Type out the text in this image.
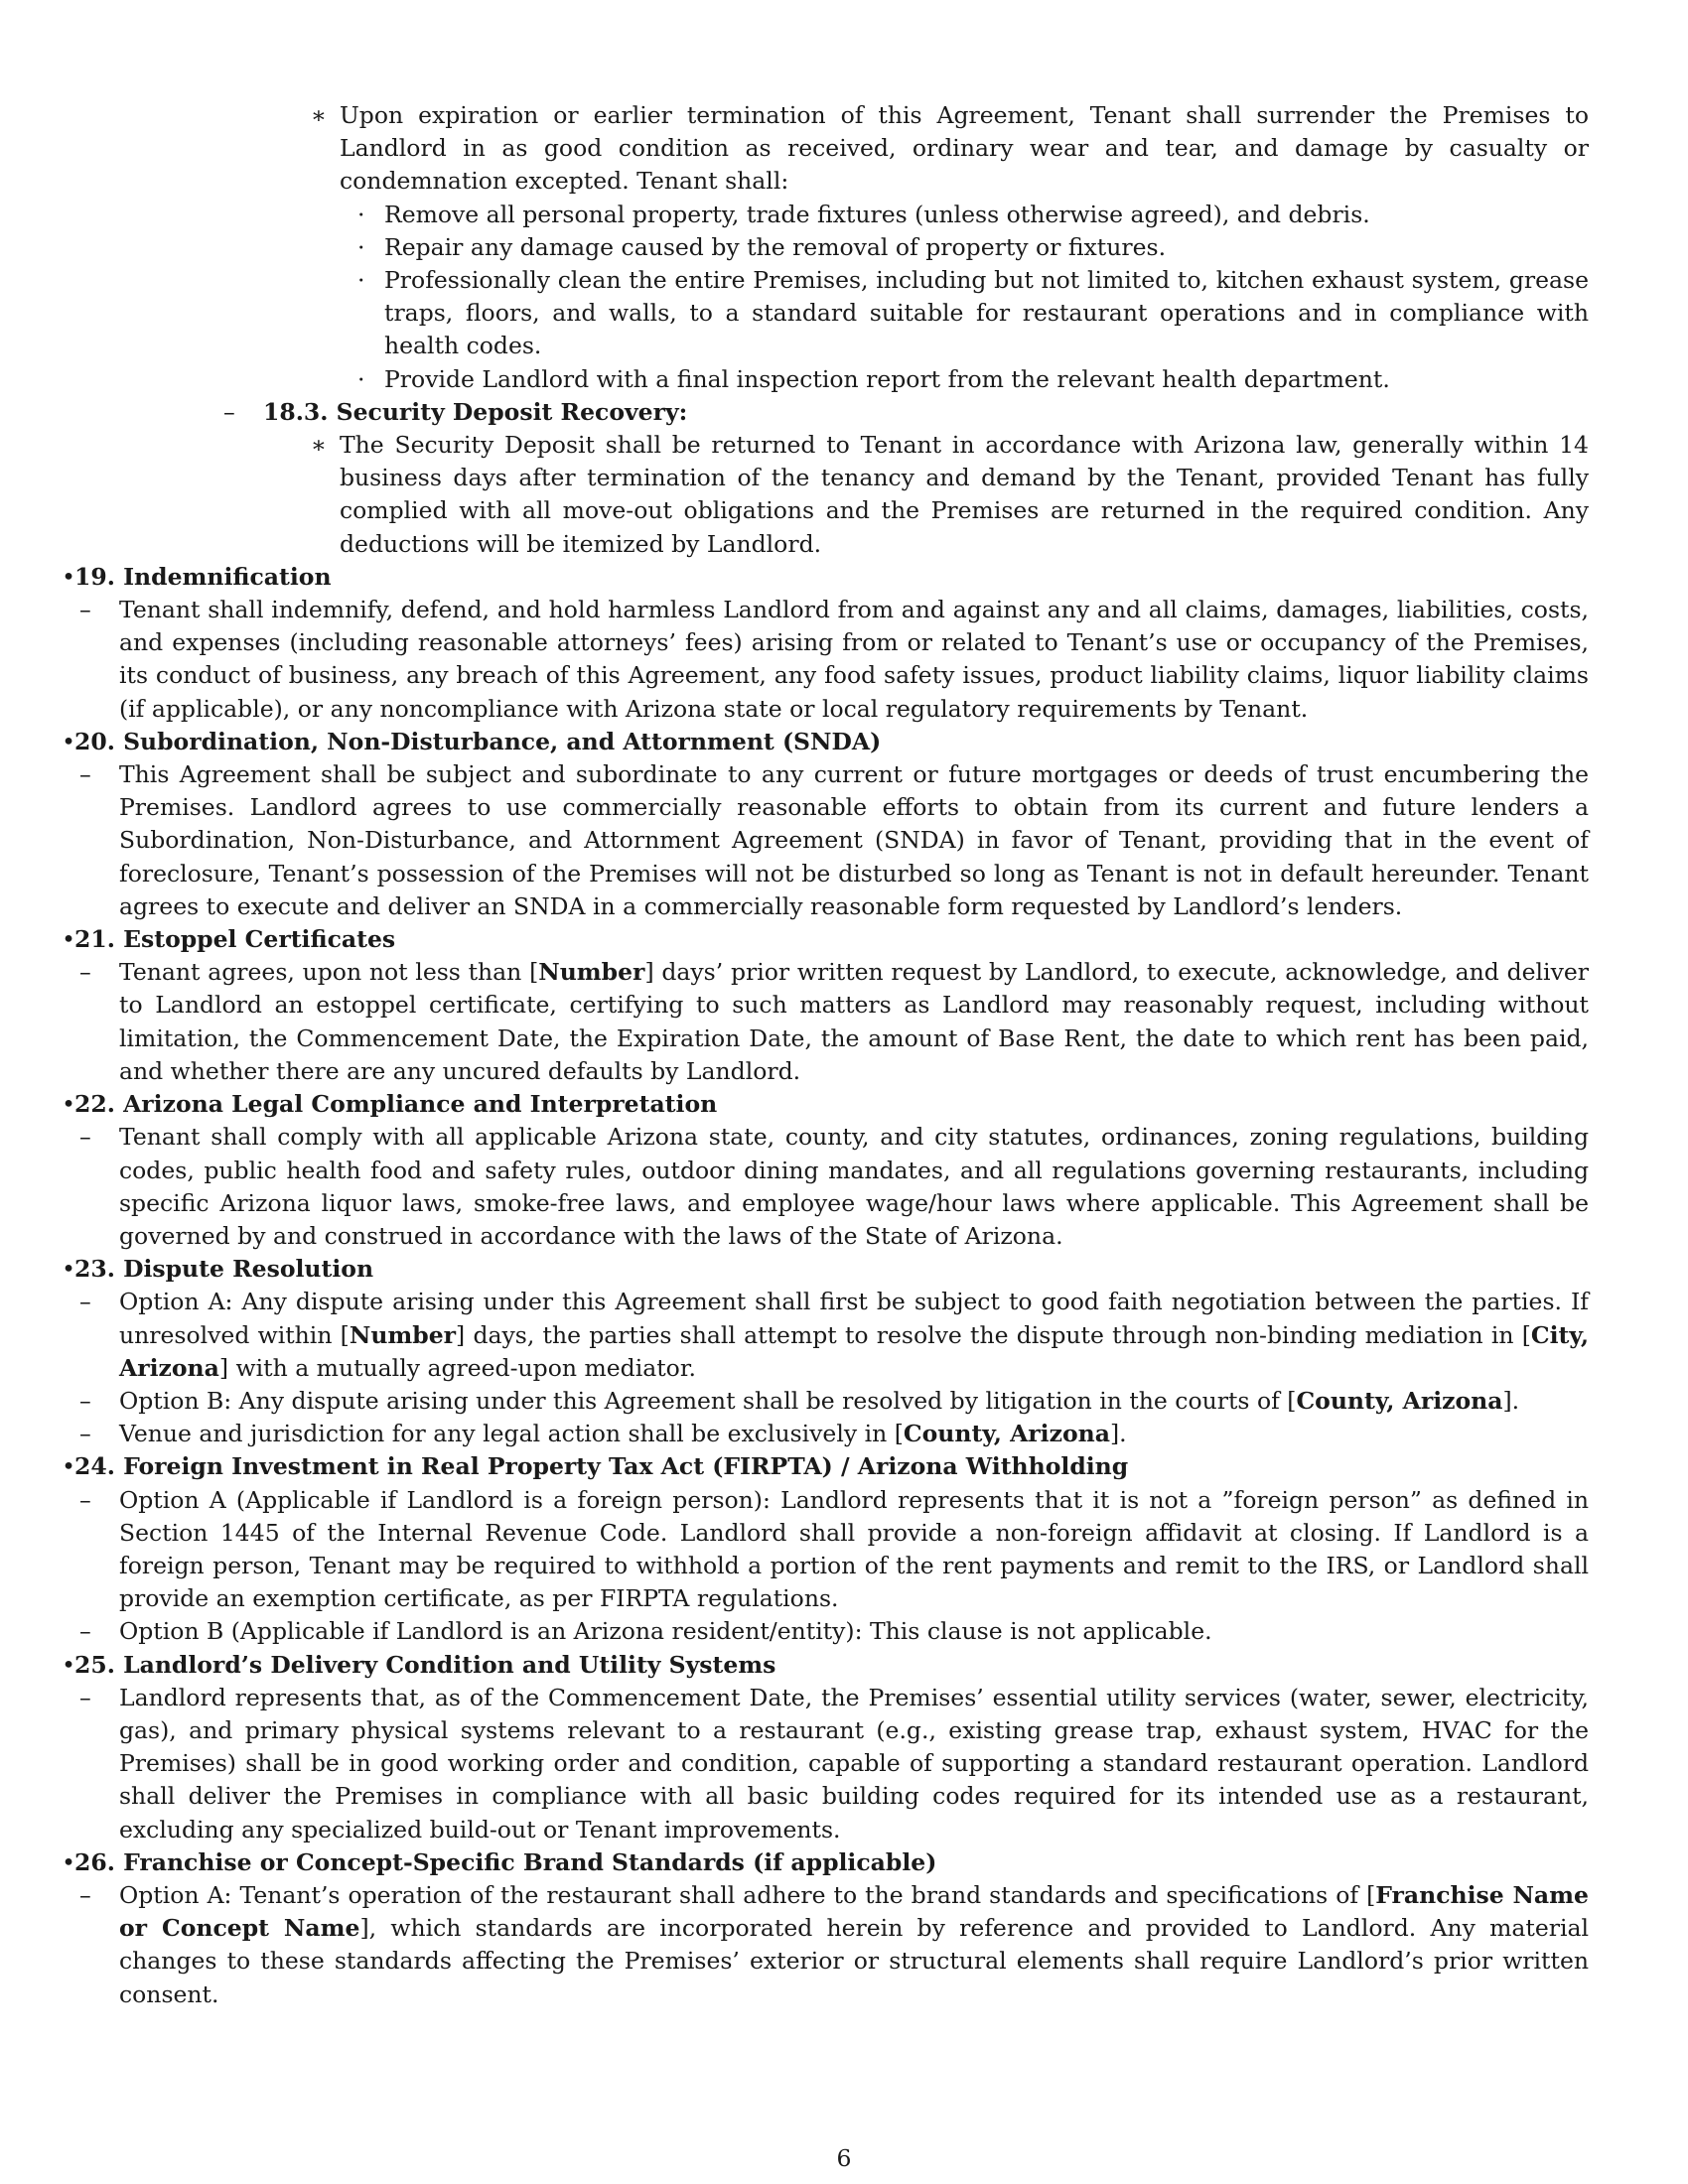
∗ Upon expiration or earlier termination of this Agreement, Tenant shall surrender the Premises to Landlord in as good condition as received, ordinary wear and tear, and damage by casualty or condemnation excepted. Tenant shall:
· Remove all personal property, trade fixtures (unless otherwise agreed), and debris.
· Repair any damage caused by the removal of property or fixtures.
· Professionally clean the entire Premises, including but not limited to, kitchen exhaust system, grease traps, floors, and walls, to a standard suitable for restaurant operations and in compliance with health codes.
· Provide Landlord with a final inspection report from the relevant health department.
– 18.3. Security Deposit Recovery:
∗ The Security Deposit shall be returned to Tenant in accordance with Arizona law, generally within 14 business days after termination of the tenancy and demand by the Tenant, provided Tenant has fully complied with all move-out obligations and the Premises are returned in the required condition. Any deductions will be itemized by Landlord.
• 19. Indemnification
– Tenant shall indemnify, defend, and hold harmless Landlord from and against any and all claims, damages, liabilities, costs, and expenses (including reasonable attorneys’ fees) arising from or related to Tenant’s use or occupancy of the Premises, its conduct of business, any breach of this Agreement, any food safety issues, product liability claims, liquor liability claims (if applicable), or any noncompliance with Arizona state or local regulatory requirements by Tenant.
• 20. Subordination, Non-Disturbance, and Attornment (SNDA)
– This Agreement shall be subject and subordinate to any current or future mortgages or deeds of trust encumbering the Premises. Landlord agrees to use commercially reasonable efforts to obtain from its current and future lenders a Subordination, Non-Disturbance, and Attornment Agreement (SNDA) in favor of Tenant, providing that in the event of foreclosure, Tenant’s possession of the Premises will not be disturbed so long as Tenant is not in default hereunder. Tenant agrees to execute and deliver an SNDA in a commercially reasonable form requested by Landlord’s lenders.
• 21. Estoppel Certificates
– Tenant agrees, upon not less than [Number] days’ prior written request by Landlord, to execute, acknowledge, and deliver to Landlord an estoppel certificate, certifying to such matters as Landlord may reasonably request, including without limitation, the Commencement Date, the Expiration Date, the amount of Base Rent, the date to which rent has been paid, and whether there are any uncured defaults by Landlord.
• 22. Arizona Legal Compliance and Interpretation
– Tenant shall comply with all applicable Arizona state, county, and city statutes, ordinances, zoning regulations, building codes, public health food and safety rules, outdoor dining mandates, and all regulations governing restaurants, including specific Arizona liquor laws, smoke-free laws, and employee wage/hour laws where applicable. This Agreement shall be governed by and construed in accordance with the laws of the State of Arizona.
• 23. Dispute Resolution
– Option A: Any dispute arising under this Agreement shall first be subject to good faith negotiation between the parties. If unresolved within [Number] days, the parties shall attempt to resolve the dispute through non-binding mediation in [City, Arizona] with a mutually agreed-upon mediator.
– Option B: Any dispute arising under this Agreement shall be resolved by litigation in the courts of [County, Arizona].
– Venue and jurisdiction for any legal action shall be exclusively in [County, Arizona].
• 24. Foreign Investment in Real Property Tax Act (FIRPTA) / Arizona Withholding
– Option A (Applicable if Landlord is a foreign person): Landlord represents that it is not a ”foreign person” as defined in Section 1445 of the Internal Revenue Code. Landlord shall provide a non-foreign affidavit at closing. If Landlord is a foreign person, Tenant may be required to withhold a portion of the rent payments and remit to the IRS, or Landlord shall provide an exemption certificate, as per FIRPTA regulations.
– Option B (Applicable if Landlord is an Arizona resident/entity): This clause is not applicable.
• 25. Landlord’s Delivery Condition and Utility Systems
– Landlord represents that, as of the Commencement Date, the Premises’ essential utility services (water, sewer, electricity, gas), and primary physical systems relevant to a restaurant (e.g., existing grease trap, exhaust system, HVAC for the Premises) shall be in good working order and condition, capable of supporting a standard restaurant operation. Landlord shall deliver the Premises in compliance with all basic building codes required for its intended use as a restaurant, excluding any specialized build-out or Tenant improvements.
• 26. Franchise or Concept-Specific Brand Standards (if applicable)
– Option A: Tenant’s operation of the restaurant shall adhere to the brand standards and specifications of [Franchise Name or Concept Name], which standards are incorporated herein by reference and provided to Landlord. Any material changes to these standards affecting the Premises’ exterior or structural elements shall require Landlord’s prior written consent.
6
